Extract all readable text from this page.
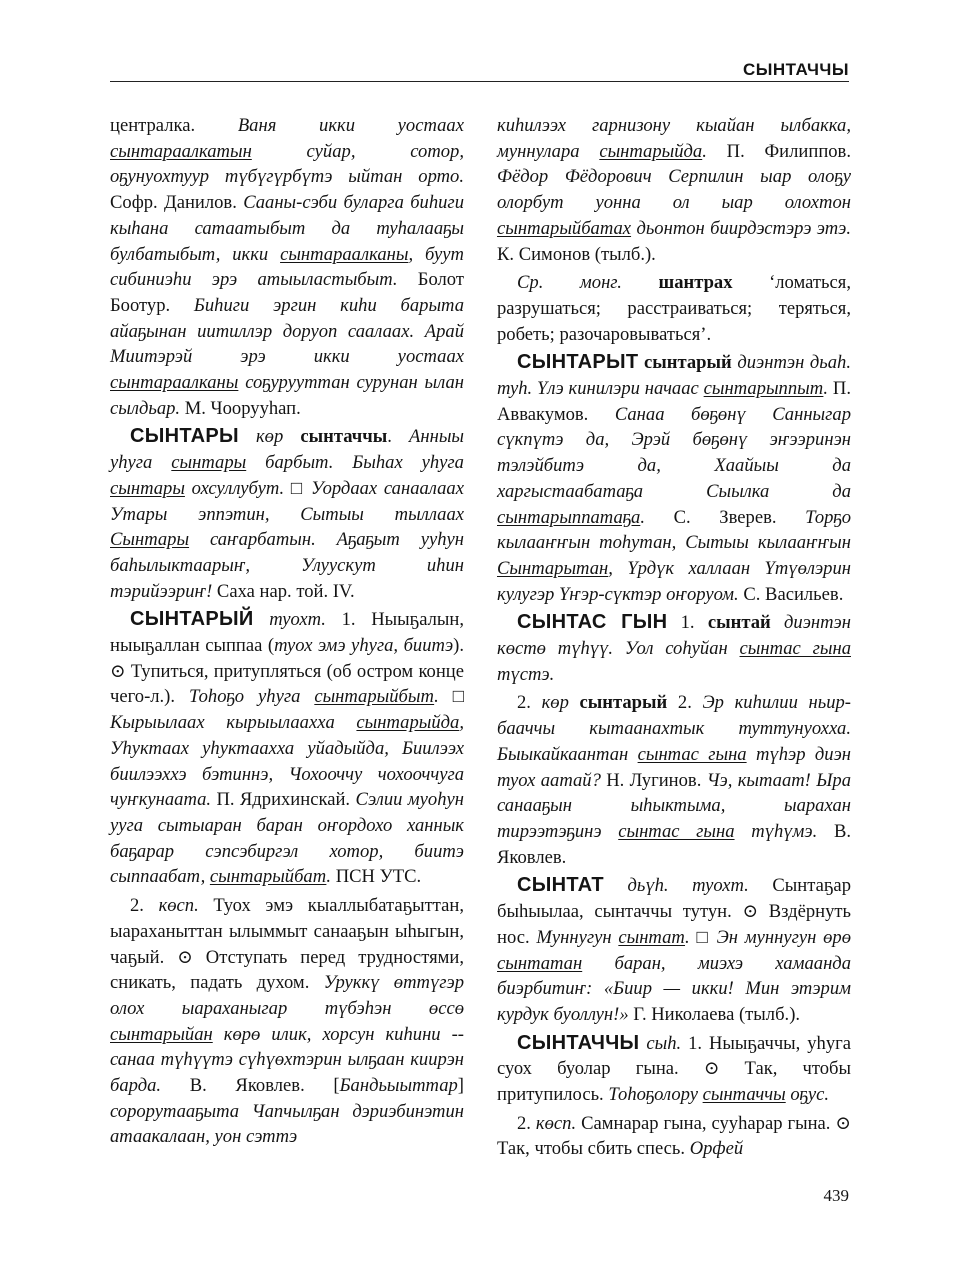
СЫНТАЧЧЫ

централка. Ваня икки уостаах сынтараалкатын суйар, сотор, оҕунуохтуур түбүгүрбүтэ ыйтан орто. Софр. Данилов. Сааны-сэби буларга биһиги кыһана сатаатыбыт да туһалааҕы булбатыбыт, икки сынтараалканы, буут сибиниэһи эрэ атыыластыбыт. Болот Боотур. Биһиги эргин киһи барыта айаҕынан иитиллэр доруоп саалаах. Арай Миитэрэй эрэ икки уостаах сынтараалканы соҕурууттан сурунан ылан сылдьар. М. Чоорууһап.

СЫНТАРЫ көр сынтаччы. Анныы уһуга сынтары барбыт. Быһах уһуга сынтары охсуллубут. □ Уордаах санаалаах Утары эппэтин, Сытыы тыллаах Сынтары саҥарбатын. Аҕаҕыт ууһун баһылыктаарыҥ, Улуускут иһин тэрийээриҥ! Саха нар. той. IV.

СЫНТАРЫЙ туохт. 1. Ныыҕалын, ныыҕаллан сыппаа (туох эмэ уһуга, биитэ). ⊙ Тупиться, притупляться (об остром конце чего-л.). Тоһоҕо уһуга сынтарыйбыт. □ Кырыылаах кырыылааххa сынтарыйда, Уһуктаах уһуктаахха уйадыйда, Биилээх биилээххэ бэтиннэ, Чохооччу чохооччуга чуҥкунаата. П. Ядрихинскай. Сэлии муоһун ууга сытыаран баран оҥордохо ханнык баҕарар сэпсэбиргэл хотор, биитэ сыппаабат, сынтарыйбат. ПСН УТС.

2. көсп. Туох эмэ кыаллыбатаҕыттан, ыараханыттан ылыммыт санааҕын ыһыгын, чаҕый. ⊙ Отступать перед трудностями, сникать, падать духом. Уруккү өттүгэр олох ыараханыгар түбэһэн өссө сынтарыйан көрө илик, хорсун киһини -- санаа түһүүтэ сүһүөхтэрин ылҕаан киирэн барда. В. Яковлев. [Бандьыыттар] сорорутааҕыта Чапчылҕан дэриэбинэтин атаакалаан, уон сэттэ

киһилээх гарнизону кыайан ылбакка, муннулара сынтарыйда. П. Филиппов. Фёдор Фёдорович Серпилин ыар олоҕу олорбут уонна ол ыар олохтон сынтарыйбатах дьонтон биирдэстэрэ этэ. К. Симонов (тылб.).

Ср. монг. шантрах ‘ломаться, разрушаться; расстраиваться; теряться, робеть; разочаровываться’.

СЫНТАРЫТ сынтарый диэнтэн дьаһ. туһ. Үлэ кинилэри начаас сынтарыппыт. П. Аввакумов. Санаа бөҕөнү Санныгар сүкпүтэ да, Эрэй бөҕөнү эҥээринэн тэлэйбитэ да, Хаайыы да харгыстаабатаҕа Сыылка да сынтарыппатаҕа. С. Зверев. Торҕо кылааҥҥын тоһутан, Сытыы кылааҥҥын Сынтарытан, Үрдүк халлаан Үтүөлэрин кулугэр Үҥэр-сүктэр оҥоруом. С. Васильев.

СЫНТАС ГЫН 1. сынтай диэнтэн көстө түһүү. Уол соһуйан сынтас гына түстэ.

2. көр сынтарый 2. Эр киһилии ньир-бааччы кытаанахтык туттунуохха. Быыкайкаантан сынтас гына түһэр диэн туох аатай? Н. Лугинов. Чэ, кытаат! Ыра санааҕын ыһыктыма, ыарахан тирээтэҕинэ сынтас гына түһүмэ. В. Яковлев.

СЫНТАТ дьүһ. туохт. Сынтаҕар быһыылаа, сынтаччы тутун. ⊙ Вздёрнуть нос. Муннугун сынтат. □ Эн муннугун өрө сынтатан баран, миэхэ хамаанда биэрбитиҥ: «Биир — икки! Мин этэрим курдук буоллун!» Г. Николаева (тылб.).

СЫНТАЧЧЫ сыһ. 1. Ныыҕаччы, уһуга суох буолар гына. ⊙ Так, чтобы притупилось. Тоһоҕолору сынтаччы оҕус.

2. көсп. Самнарар гына, сууһарар гына. ⊙ Так, чтобы сбить спесь. Орфей

439
